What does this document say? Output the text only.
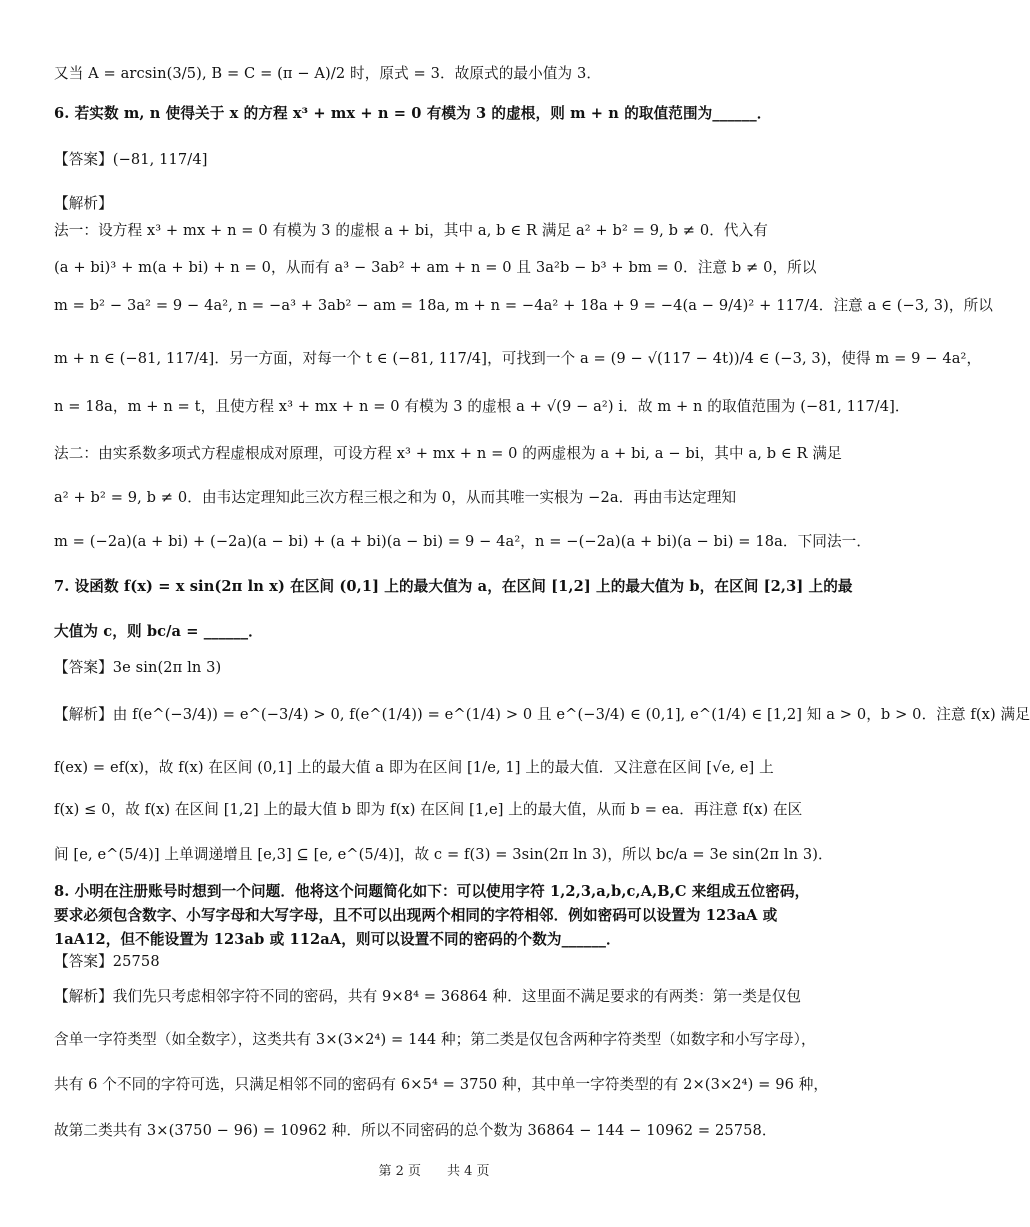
又当 A = arcsin(3/5), B = C = (π − A)/2 时，原式 = 3．故原式的最小值为 3．
6. 若实数 m, n 使得关于 x 的方程 x³ + mx + n = 0 有模为 3 的虚根，则 m + n 的取值范围为______．
【答案】(−81, 117/4]
【解析】
法一：设方程 x³ + mx + n = 0 有模为 3 的虚根 a + bi，其中 a, b ∈ R 满足 a² + b² = 9, b ≠ 0．代入有
(a + bi)³ + m(a + bi) + n = 0，从而有 a³ − 3ab² + am + n = 0 且 3a²b − b³ + bm = 0．注意 b ≠ 0，所以
m = b² − 3a² = 9 − 4a², n = −a³ + 3ab² − am = 18a, m + n = −4a² + 18a + 9 = −4(a − 9/4)² + 117/4．注意 a ∈ (−3, 3)，所以
m + n ∈ (−81, 117/4]．另一方面，对每一个 t ∈ (−81, 117/4]，可找到一个 a = (9 − √(117 − 4t))/4 ∈ (−3, 3)，使得 m = 9 − 4a²，
n = 18a，m + n = t，且使方程 x³ + mx + n = 0 有模为 3 的虚根 a + √(9 − a²) i．故 m + n 的取值范围为 (−81, 117/4]．
法二：由实系数多项式方程虚根成对原理，可设方程 x³ + mx + n = 0 的两虚根为 a + bi, a − bi，其中 a, b ∈ R 满足
a² + b² = 9, b ≠ 0．由韦达定理知此三次方程三根之和为 0，从而其唯一实根为 −2a．再由韦达定理知
m = (−2a)(a + bi) + (−2a)(a − bi) + (a + bi)(a − bi) = 9 − 4a²，n = −(−2a)(a + bi)(a − bi) = 18a．下同法一．
7. 设函数 f(x) = x sin(2π ln x) 在区间 (0,1] 上的最大值为 a，在区间 [1,2] 上的最大值为 b，在区间 [2,3] 上的最
大值为 c，则 bc/a = ______．
【答案】3e sin(2π ln 3)
【解析】由 f(e^(−3/4)) = e^(−3/4) > 0, f(e^(1/4)) = e^(1/4) > 0 且 e^(−3/4) ∈ (0,1], e^(1/4) ∈ [1,2] 知 a > 0，b > 0．注意 f(x) 满足
f(ex) = ef(x)，故 f(x) 在区间 (0,1] 上的最大值 a 即为在区间 [1/e, 1] 上的最大值．又注意在区间 [√e, e] 上
f(x) ≤ 0，故 f(x) 在区间 [1,2] 上的最大值 b 即为 f(x) 在区间 [1,e] 上的最大值，从而 b = ea．再注意 f(x) 在区
间 [e, e^(5/4)] 上单调递增且 [e,3] ⊆ [e, e^(5/4)]，故 c = f(3) = 3sin(2π ln 3)，所以 bc/a = 3e sin(2π ln 3)．
8. 小明在注册账号时想到一个问题．他将这个问题简化如下：可以使用字符 1,2,3,a,b,c,A,B,C 来组成五位密码，
要求必须包含数字、小写字母和大写字母，且不可以出现两个相同的字符相邻．例如密码可以设置为 123aA 或
1aA12，但不能设置为 123ab 或 112aA，则可以设置不同的密码的个数为______．
【答案】25758
【解析】我们先只考虑相邻字符不同的密码，共有 9×8⁴ = 36864 种．这里面不满足要求的有两类：第一类是仅包
含单一字符类型（如全数字），这类共有 3×(3×2⁴) = 144 种；第二类是仅包含两种字符类型（如数字和小写字母），
共有 6 个不同的字符可选，只满足相邻不同的密码有 6×5⁴ = 3750 种，其中单一字符类型的有 2×(3×2⁴) = 96 种，
故第二类共有 3×(3750 − 96) = 10962 种．所以不同密码的总个数为 36864 − 144 − 10962 = 25758．
第 2 页　　共 4 页
